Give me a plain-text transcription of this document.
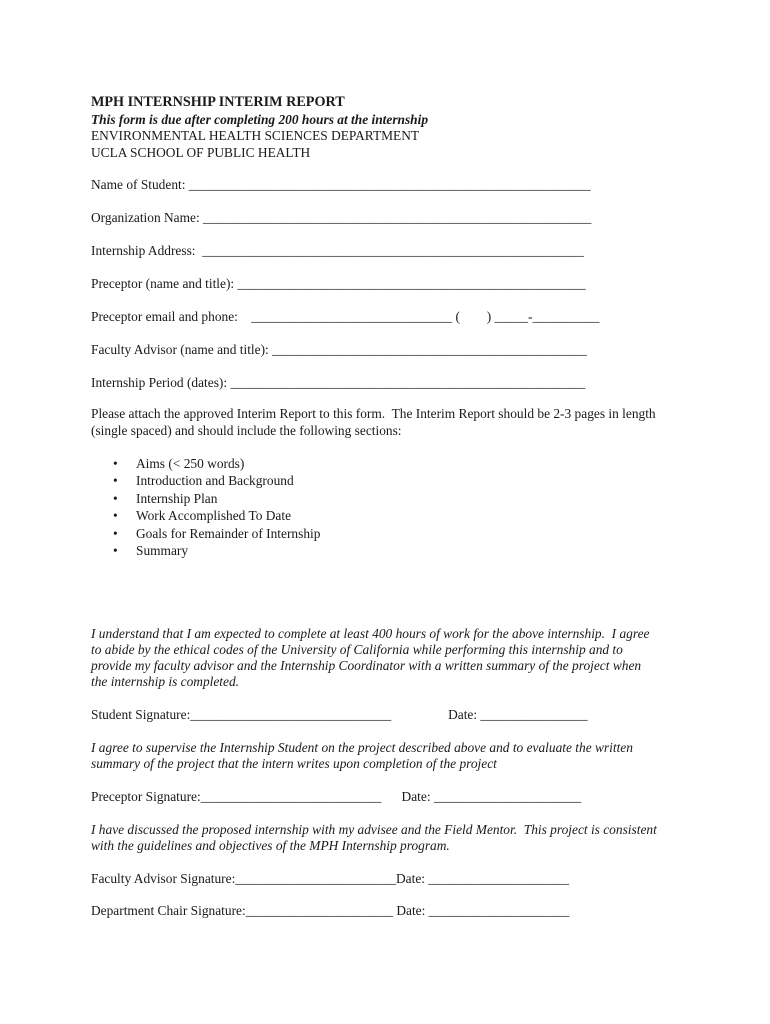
MPH INTERNSHIP INTERIM REPORT
This form is due after completing 200 hours at the internship
ENVIRONMENTAL HEALTH SCIENCES DEPARTMENT
UCLA SCHOOL OF PUBLIC HEALTH
Name of Student: ____________________________________________________________
Organization Name: __________________________________________________________
Internship Address:  _________________________________________________________
Preceptor (name and title): ____________________________________________________
Preceptor email and phone:    ______________________________ (        ) _____-__________
Faculty Advisor (name and title): _______________________________________________
Internship Period (dates): _____________________________________________________
Please attach the approved Interim Report to this form.  The Interim Report should be 2-3 pages in length
(single spaced) and should include the following sections:
• Aims (< 250 words)
• Introduction and Background
• Internship Plan
• Work Accomplished To Date
• Goals for Remainder of Internship
• Summary
I understand that I am expected to complete at least 400 hours of work for the above internship.  I agree
to abide by the ethical codes of the University of California while performing this internship and to
provide my faculty advisor and the Internship Coordinator with a written summary of the project when
the internship is completed.
Student Signature:______________________________                 Date: ________________
I agree to supervise the Internship Student on the project described above and to evaluate the written
summary of the project that the intern writes upon completion of the project
Preceptor Signature:___________________________      Date: ______________________
I have discussed the proposed internship with my advisee and the Field Mentor.  This project is consistent
with the guidelines and objectives of the MPH Internship program.
Faculty Advisor Signature:________________________Date: _____________________
Department Chair Signature:______________________ Date: _____________________
